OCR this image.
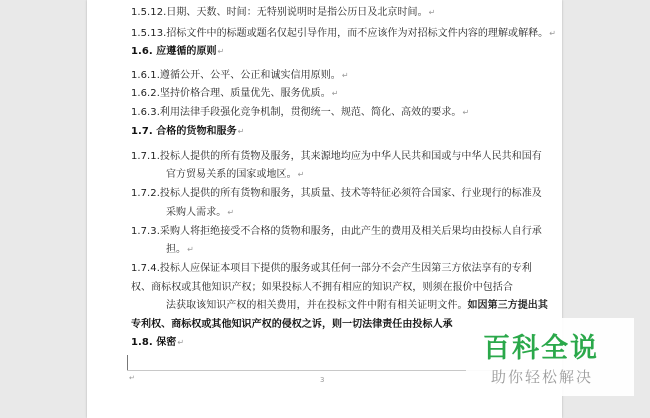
1.5.12.日期、天数、时间：无特别说明时是指公历日及北京时间。↵
1.5.13.招标文件中的标题或题名仅起引导作用，而不应该作为对招标文件内容的理解或解释。↵
1.6. 应遵循的原则↵
1.6.1.遵循公开、公平、公正和诚实信用原则。↵
1.6.2.坚持价格合理、质量优先、服务优质。↵
1.6.3.利用法律手段强化竞争机制，贯彻统一、规范、简化、高效的要求。↵
1.7. 合格的货物和服务↵
1.7.1.投标人提供的所有货物及服务，其来源地均应为中华人民共和国或与中华人民共和国有
官方贸易关系的国家或地区。↵
1.7.2.投标人提供的所有货物和服务，其质量、技术等特征必须符合国家、行业现行的标准及
采购人需求。↵
1.7.3.采购人将拒绝接受不合格的货物和服务，由此产生的费用及相关后果均由投标人自行承
担。↵
1.7.4.投标人应保证本项目下提供的服务或其任何一部分不会产生因第三方依法享有的专利
权、商标权或其他知识产权；如果投标人不拥有相应的知识产权，则须在报价中包括合
法获取该知识产权的相关费用，并在投标文件中附有相关证明文件。如因第三方提出其
专利权、商标权或其他知识产权的侵权之诉，则一切法律责任由投标人承
1.8. 保密↵
↵	3
百科全说
助你轻松解决
